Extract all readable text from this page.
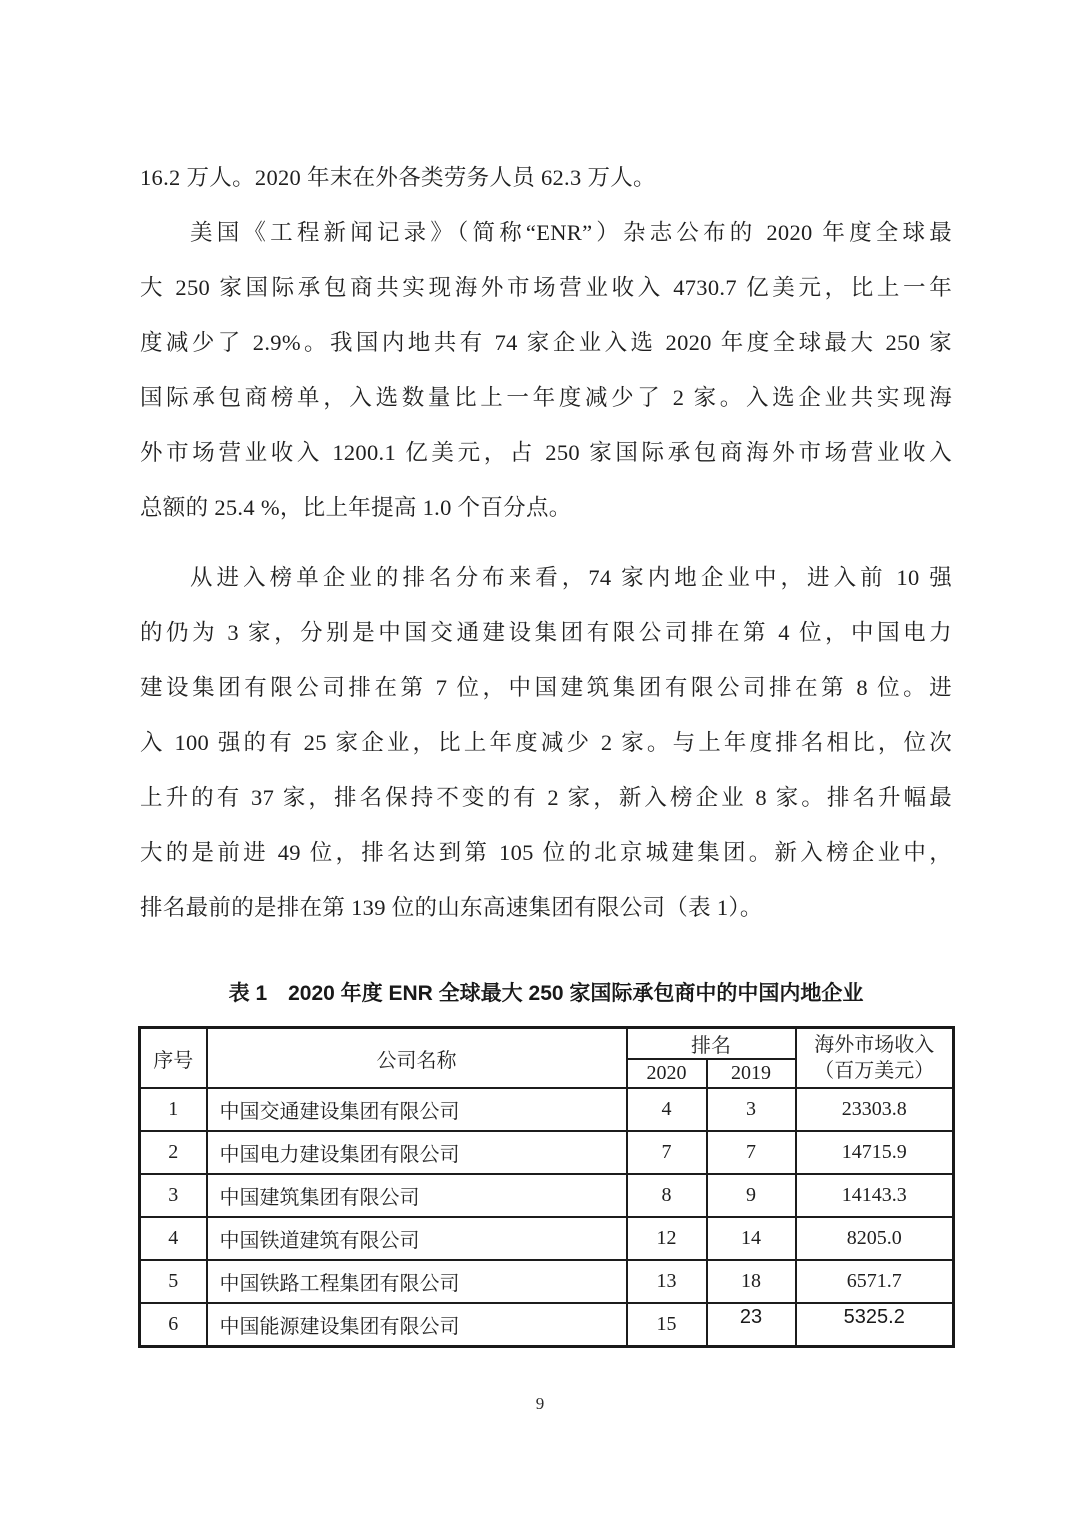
16.2 万人。2020 年末在外各类劳务人员 62.3 万人。
美国《工程新闻记录》（简称“ENR”）杂志公布的 2020 年度全球最
大 250 家国际承包商共实现海外市场营业收入 4730.7 亿美元，比上一年
度减少了 2.9%。我国内地共有 74 家企业入选 2020 年度全球最大 250 家
国际承包商榜单，入选数量比上一年度减少了 2 家。入选企业共实现海
外市场营业收入 1200.1 亿美元，占 250 家国际承包商海外市场营业收入
总额的 25.4 %，比上年提高 1.0 个百分点。
从进入榜单企业的排名分布来看，74 家内地企业中，进入前 10 强
的仍为 3 家，分别是中国交通建设集团有限公司排在第 4 位，中国电力
建设集团有限公司排在第 7 位，中国建筑集团有限公司排在第 8 位。进
入 100 强的有 25 家企业，比上年度减少 2 家。与上年度排名相比，位次
上升的有 37 家，排名保持不变的有 2 家，新入榜企业 8 家。排名升幅最
大的是前进 49 位，排名达到第 105 位的北京城建集团。新入榜企业中，
排名最前的是排在第 139 位的山东高速集团有限公司（表 1）。
表 1　2020 年度 ENR 全球最大 250 家国际承包商中的中国内地企业
序号	公司名称	排名		海外市场收入
（百万美元）
		2020	2019	
1	中国交通建设集团有限公司	4	3	23303.8
2	中国电力建设集团有限公司	7	7	14715.9
3	中国建筑集团有限公司	8	9	14143.3
4	中国铁道建筑有限公司	12	14	8205.0
5	中国铁路工程集团有限公司	13	18	6571.7
6	中国能源建设集团有限公司	15	23	5325.2
9
